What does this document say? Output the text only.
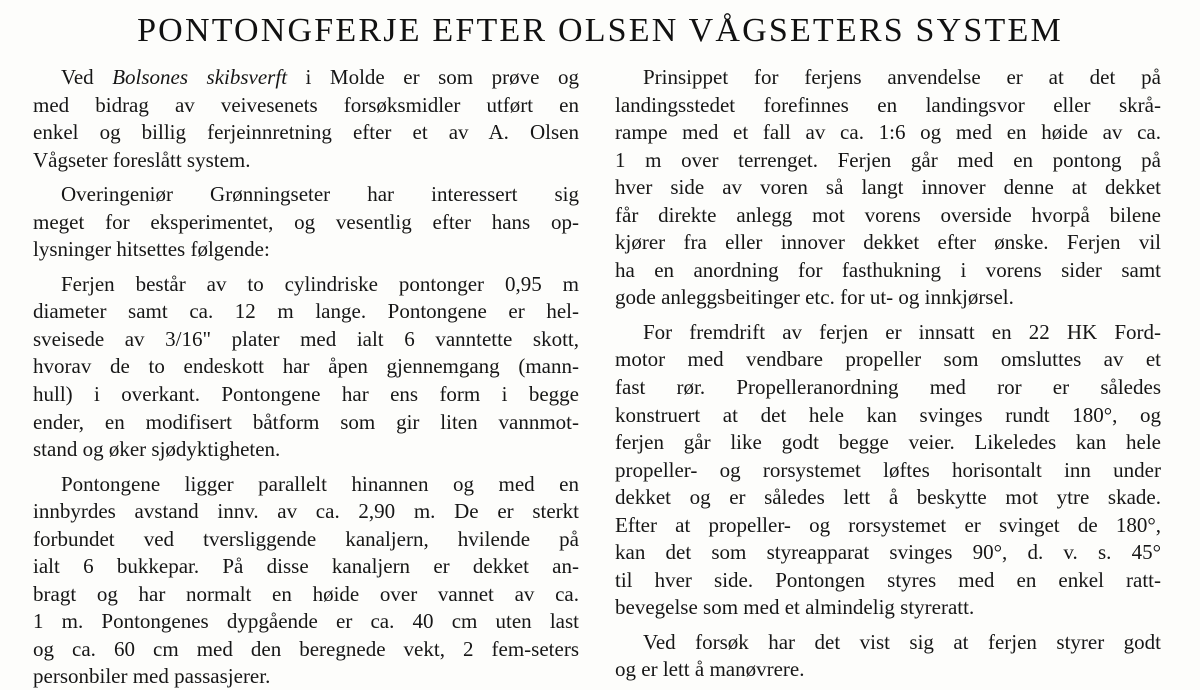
PONTONGFERJE EFTER OLSEN VÅGSETERS SYSTEM
Ved Bolsones skibsverft i Molde er som prøve og
med bidrag av veivesenets forsøksmidler utført en
enkel og billig ferjeinnretning efter et av A. Olsen
Vågseter foreslått system.
Overingeniør Grønningseter har interessert sig
meget for eksperimentet, og vesentlig efter hans op-
lysninger hitsettes følgende:
Ferjen består av to cylindriske pontonger 0,95 m
diameter samt ca. 12 m lange. Pontongene er hel-
sveisede av 3/16" plater med ialt 6 vanntette skott,
hvorav de to endeskott har åpen gjennemgang (mann-
hull) i overkant. Pontongene har ens form i begge
ender, en modifisert båtform som gir liten vannmot-
stand og øker sjødyktigheten.
Pontongene ligger parallelt hinannen og med en
innbyrdes avstand innv. av ca. 2,90 m. De er sterkt
forbundet ved tversliggende kanaljern, hvilende på
ialt 6 bukkepar. På disse kanaljern er dekket an-
bragt og har normalt en høide over vannet av ca.
1 m. Pontongenes dypgående er ca. 40 cm uten last
og ca. 60 cm med den beregnede vekt, 2 fem-seters
personbiler med passasjerer.
Prinsippet for ferjens anvendelse er at det på
landingsstedet forefinnes en landingsvor eller skrå-
rampe med et fall av ca. 1:6 og med en høide av ca.
1 m over terrenget. Ferjen går med en pontong på
hver side av voren så langt innover denne at dekket
får direkte anlegg mot vorens overside hvorpå bilene
kjører fra eller innover dekket efter ønske. Ferjen vil
ha en anordning for fasthukning i vorens sider samt
gode anleggsbeitinger etc. for ut- og innkjørsel.
For fremdrift av ferjen er innsatt en 22 HK Ford-
motor med vendbare propeller som omsluttes av et
fast rør. Propelleranordning med ror er således
konstruert at det hele kan svinges rundt 180°, og
ferjen går like godt begge veier. Likeledes kan hele
propeller- og rorsystemet løftes horisontalt inn under
dekket og er således lett å beskytte mot ytre skade.
Efter at propeller- og rorsystemet er svinget de 180°,
kan det som styreapparat svinges 90°, d. v. s. 45°
til hver side. Pontongen styres med en enkel ratt-
bevegelse som med et almindelig styreratt.
Ved forsøk har det vist sig at ferjen styrer godt
og er lett å manøvrere.
